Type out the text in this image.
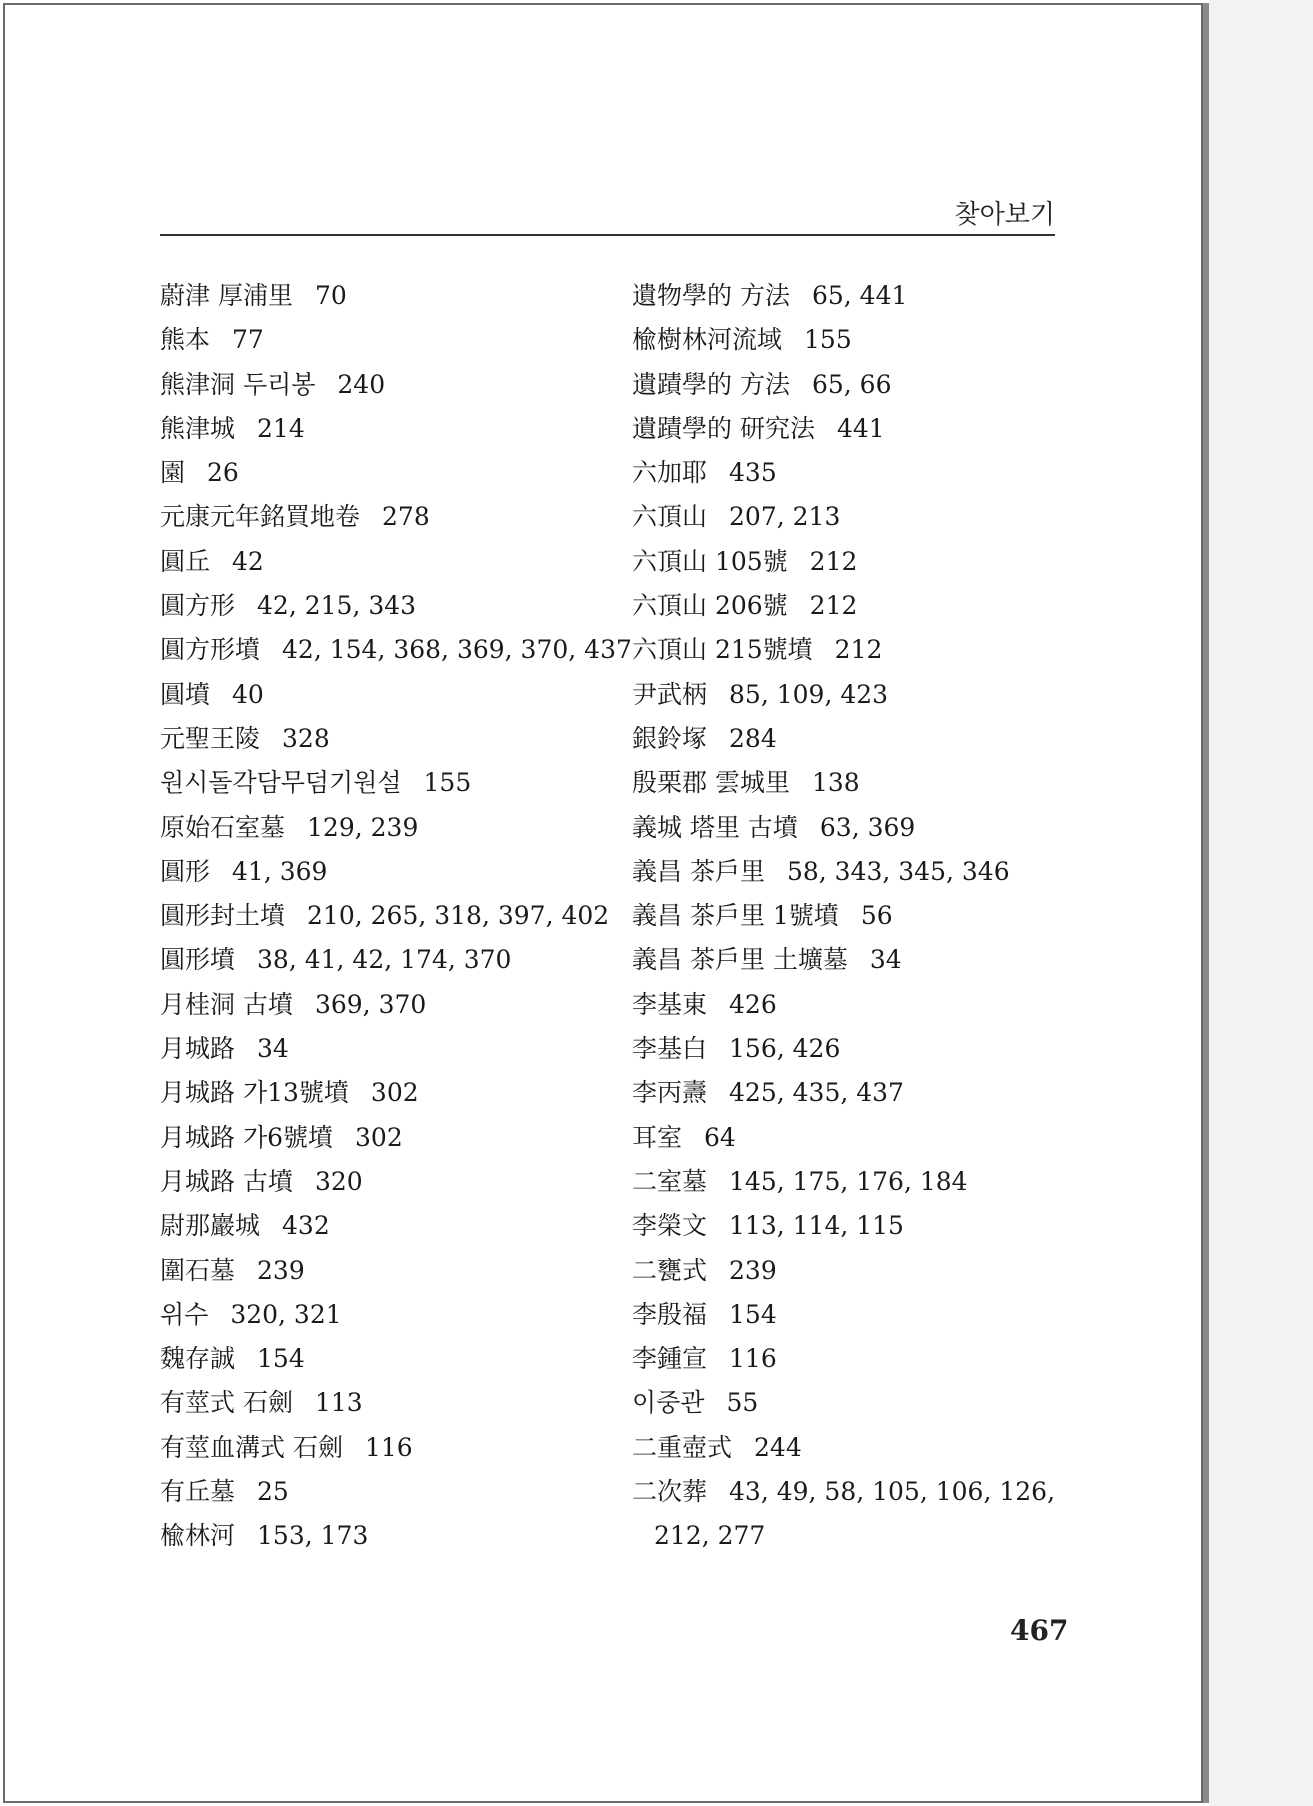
찾아보기
蔚津 厚浦里 70
熊本 77
熊津洞 두리봉 240
熊津城 214
園 26
元康元年銘買地卷 278
圓丘 42
圓方形 42, 215, 343
圓方形墳 42, 154, 368, 369, 370, 437
圓墳 40
元聖王陵 328
원시돌각담무덤기원설 155
原始石室墓 129, 239
圓形 41, 369
圓形封土墳 210, 265, 318, 397, 402
圓形墳 38, 41, 42, 174, 370
月桂洞 古墳 369, 370
月城路 34
月城路 가13號墳 302
月城路 가6號墳 302
月城路 古墳 320
尉那巖城 432
圍石墓 239
위수 320, 321
魏存誠 154
有莖式 石劍 113
有莖血溝式 石劍 116
有丘墓 25
楡林河 153, 173
遺物學的 方法 65, 441
楡樹林河流域 155
遺蹟學的 方法 65, 66
遺蹟學的 研究法 441
六加耶 435
六頂山 207, 213
六頂山 105號 212
六頂山 206號 212
六頂山 215號墳 212
尹武柄 85, 109, 423
銀鈴塚 284
殷栗郡 雲城里 138
義城 塔里 古墳 63, 369
義昌 茶戶里 58, 343, 345, 346
義昌 茶戶里 1號墳 56
義昌 茶戶里 土壙墓 34
李基東 426
李基白 156, 426
李丙燾 425, 435, 437
耳室 64
二室墓 145, 175, 176, 184
李榮文 113, 114, 115
二甕式 239
李殷福 154
李鍾宣 116
이중관 55
二重壺式 244
二次葬 43, 49, 58, 105, 106, 126,
212, 277
467
